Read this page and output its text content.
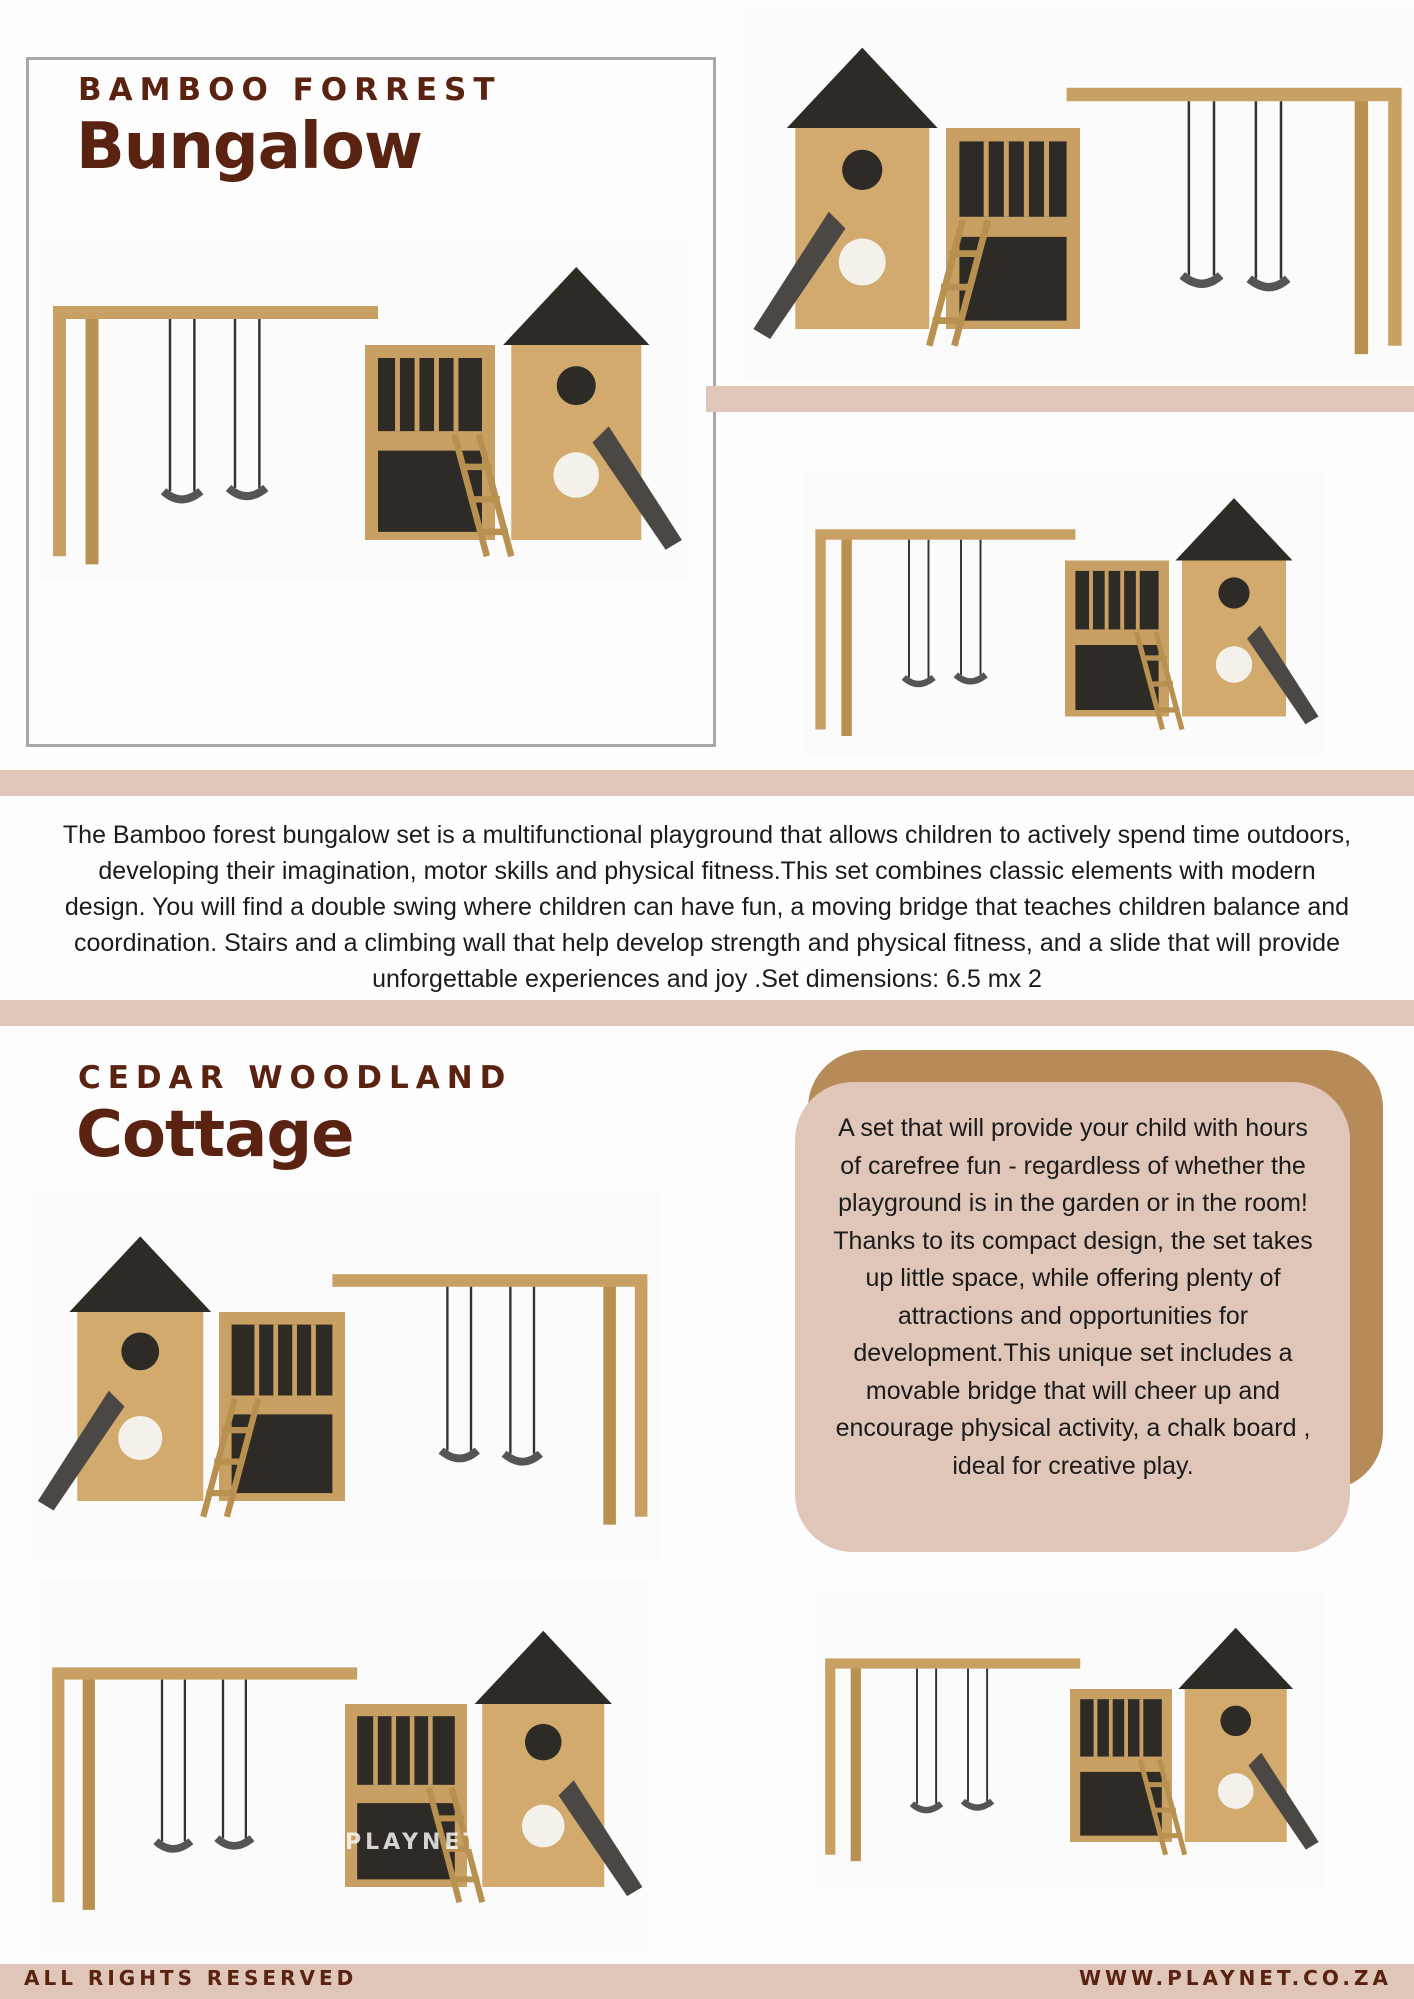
BAMBOO FORREST
Bungalow
The Bamboo forest bungalow set is a multifunctional playground that allows children to actively spend time outdoors, developing their imagination, motor skills and physical fitness.This set combines classic elements with modern design. You will find a double swing where children can have fun, a moving bridge that teaches children balance and coordination. Stairs and a climbing wall that help develop strength and physical fitness, and a slide that will provide unforgettable experiences and joy .Set dimensions: 6.5 mx 2
CEDAR WOODLAND
Cottage	A set that will provide your child with hours of carefree fun - regardless of whether the playground is in the garden or in the room! Thanks to its compact design, the set takes up little space, while offering plenty of attractions and opportunities for development.This unique set includes a movable bridge that will cheer up and encourage physical activity, a chalk board , ideal for creative play.
PLAYNET
ALL RIGHTS RESERVED	WWW.PLAYNET.CO.ZA
